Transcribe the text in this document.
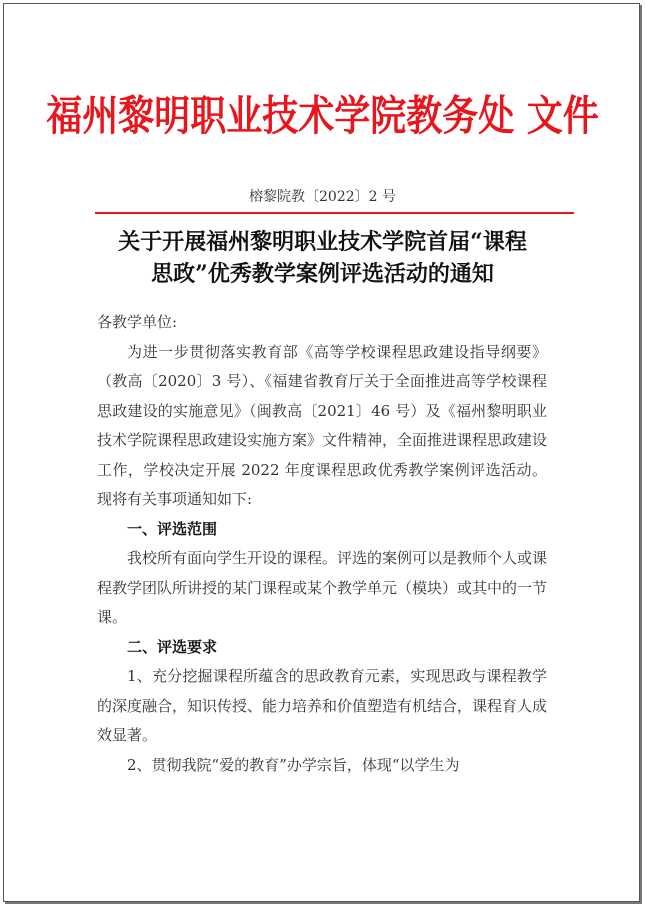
福州黎明职业技术学院教务处 文件
榕黎院教〔2022〕2 号
关于开展福州黎明职业技术学院首届“课程
思政”优秀教学案例评选活动的通知

各教学单位:

为进一步贯彻落实教育部《高等学校课程思政建设指导纲要》（教高〔2020〕3 号）、《福建省教育厅关于全面推进高等学校课程思政建设的实施意见》（闽教高〔2021〕46 号）及《福州黎明职业技术学院课程思政建设实施方案》文件精神，全面推进课程思政建设工作，学校决定开展 2022 年度课程思政优秀教学案例评选活动。现将有关事项通知如下:

一、评选范围

我校所有面向学生开设的课程。评选的案例可以是教师个人或课程教学团队所讲授的某门课程或某个教学单元（模块）或其中的一节课。

二、评选要求

1、充分挖掘课程所蕴含的思政教育元素，实现思政与课程教学的深度融合，知识传授、能力培养和价值塑造有机结合，课程育人成效显著。

2、贯彻我院“爱的教育”办学宗旨，体现“以学生为
